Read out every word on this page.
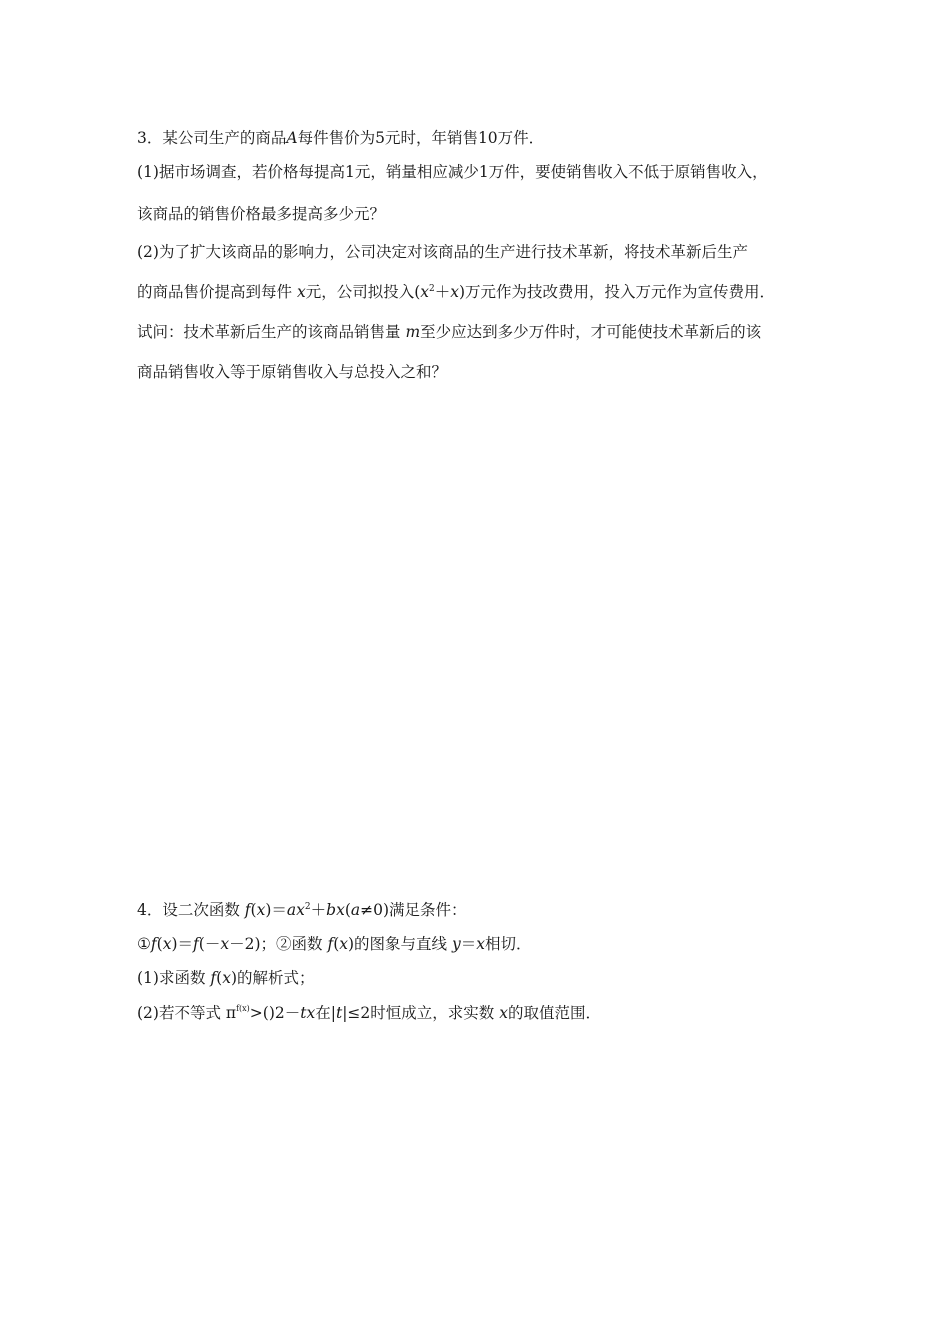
3．某公司生产的商品A每件售价为5元时，年销售10万件．
(1)据市场调查，若价格每提高1元，销量相应减少1万件，要使销售收入不低于原销售收入，
该商品的销售价格最多提高多少元？
(2)为了扩大该商品的影响力，公司决定对该商品的生产进行技术革新，将技术革新后生产
的商品售价提高到每件 x元，公司拟投入$(x^2+x)$万元作为技改费用，投入万元作为宣传费用．
试问：技术革新后生产的该商品销售量 m至少应达到多少万件时，才可能使技术革新后的该
商品销售收入等于原销售收入与总投入之和？
4．设二次函数 $f(x)=ax^2+bx(a\ne 0)$满足条件：
①f(x)＝f(－x－2)；②函数 f(x)的图象与直线 y＝x相切．
(1)求函数 f(x)的解析式；
(2)若不等式 $\pi^{f(x)}>()2-tx$在|t|≤2时恒成立，求实数 x的取值范围．
